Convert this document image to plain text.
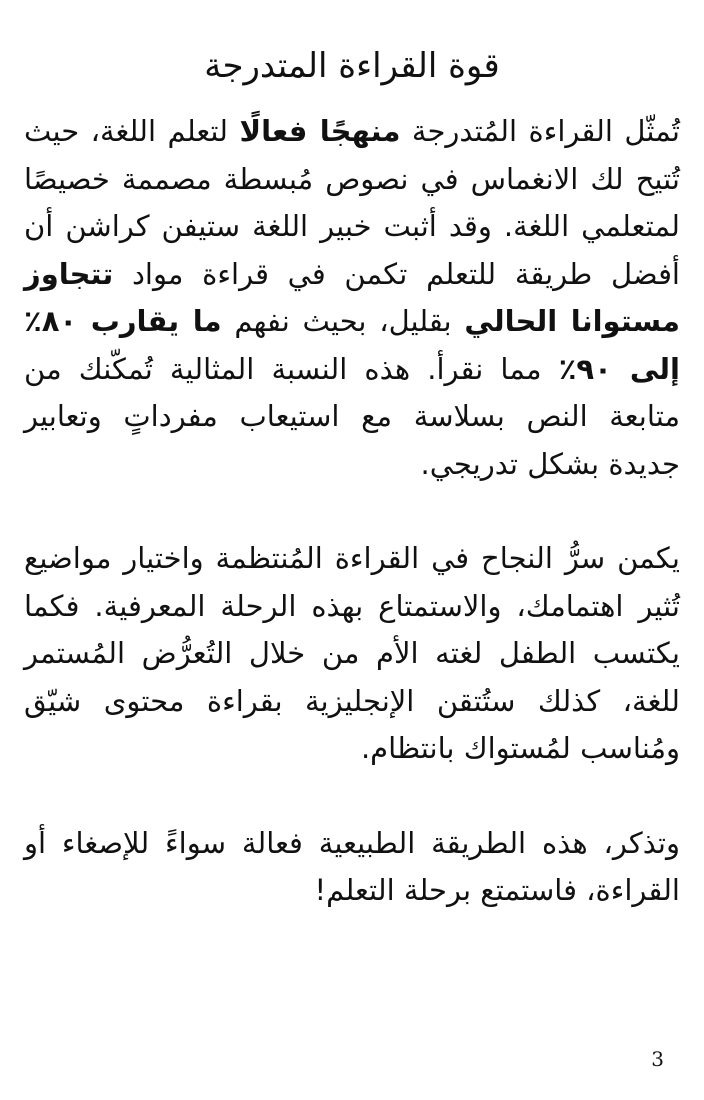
قوة القراءة المتدرجة

تُمثّل القراءة المُتدرجة منهجًا فعالًا لتعلم اللغة، حيث تُتيح لك الانغماس في نصوص مُبسطة مصممة خصيصًا لمتعلمي اللغة. وقد أثبت خبير اللغة ستيفن كراشن أن أفضل طريقة للتعلم تكمن في قراءة مواد تتجاوز مستوانا الحالي بقليل، بحيث نفهم ما يقارب ٨٠٪ إلى ٩٠٪ مما نقرأ. هذه النسبة المثالية تُمكّنك من متابعة النص بسلاسة مع استيعاب مفرداتٍ وتعابير جديدة بشكل تدريجي.

يكمن سرُّ النجاح في القراءة المُنتظمة واختيار مواضيع تُثير اهتمامك، والاستمتاع بهذه الرحلة المعرفية. فكما يكتسب الطفل لغته الأم من خلال التُعرُّض المُستمر للغة، كذلك ستُتقن الإنجليزية بقراءة محتوى شيّق ومُناسب لمُستواك بانتظام.

وتذكر، هذه الطريقة الطبيعية فعالة سواءً للإصغاء أو القراءة، فاستمتع برحلة التعلم!

3
